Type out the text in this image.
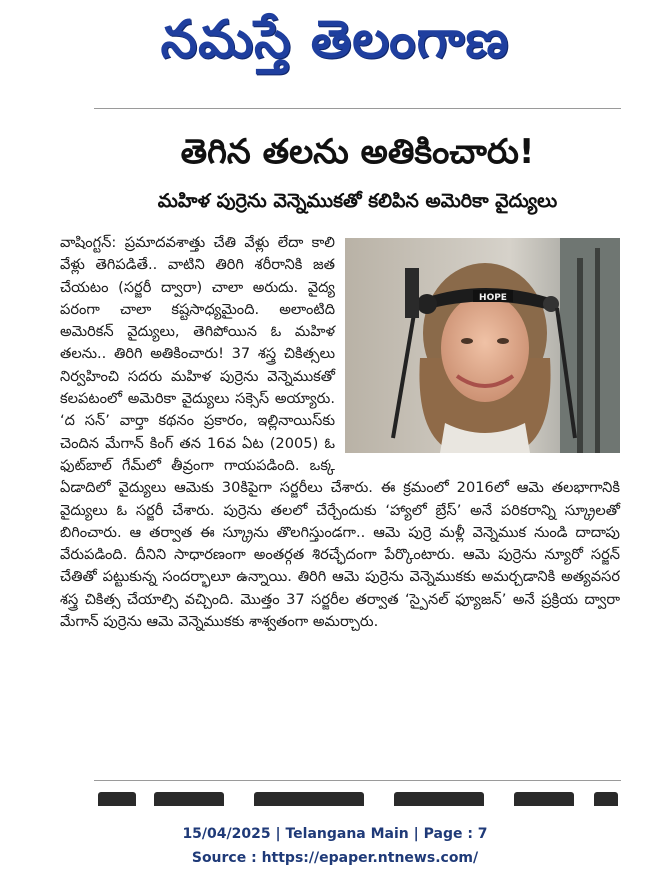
నమస్తే తెలంగాణ
తెగిన తలను అతికించారు!
మహిళ పుర్రెను వెన్నెముకతో కలిపిన అమెరికా వైద్యులు
HOPE
వాషింగ్టన్‌: ప్రమాదవశాత్తు చేతి వేళ్లు లేదా కాలి వేళ్లు తెగిపడితే.. వాటిని తిరిగి శరీరానికి జత చేయటం (సర్జరీ ద్వారా) చాలా అరుదు. వైద్య పరంగా చాలా కష్టసాధ్యమైంది. అలాంటిది అమెరికన్‌ వైద్యులు, తెగిపోయిన ఓ మహిళ తలను.. తిరిగి అతికించారు! 37 శస్త్ర చికిత్సలు నిర్వహించి సదరు మహిళ పుర్రెను వెన్నెముకతో కలపటంలో అమెరికా వైద్యులు సక్సెస్‌ అయ్యారు. ‘ద సన్‌’ వార్తా కథనం ప్రకారం, ఇల్లినాయిస్‌కు చెందిన మేగాన్‌ కింగ్‌ తన 16వ ఏట (2005) ఓ ఫుట్‌బాల్‌ గేమ్‌లో తీవ్రంగా గాయపడింది. ఒక్క ఏడాదిలో వైద్యులు ఆమెకు 30కిపైగా సర్జరీలు చేశారు. ఈ క్రమంలో 2016లో ఆమె తలభాగానికి వైద్యులు ఓ సర్జరీ చేశారు. పుర్రెను తలలో చేర్చేందుకు ‘హ్యాలో బ్రేస్‌’ అనే పరికరాన్ని స్క్రూలతో బిగించారు. ఆ తర్వాత ఈ స్క్రూను తొలగిస్తుండగా.. ఆమె పుర్రె మళ్లీ వెన్నెముక నుండి దాదాపు వేరుపడింది. దీనిని సాధారణంగా అంతర్గత శిరచ్ఛేదంగా పేర్కొంటారు. ఆమె పుర్రెను న్యూరో సర్జన్‌ చేతితో పట్టుకున్న సందర్భాలూ ఉన్నాయి. తిరిగి ఆమె పుర్రెను వెన్నెముకకు అమర్చడానికి అత్యవసర శస్త్ర చికిత్స చేయాల్సి వచ్చింది. మొత్తం 37 సర్జరీల తర్వాత ‘స్పైనల్‌ ఫ్యూజన్‌’ అనే ప్రక్రియ ద్వారా మేగాన్‌ పుర్రెను ఆమె వెన్నెముకకు శాశ్వతంగా అమర్చారు.
15/04/2025 | Telangana Main | Page : 7
Source : https://epaper.ntnews.com/
